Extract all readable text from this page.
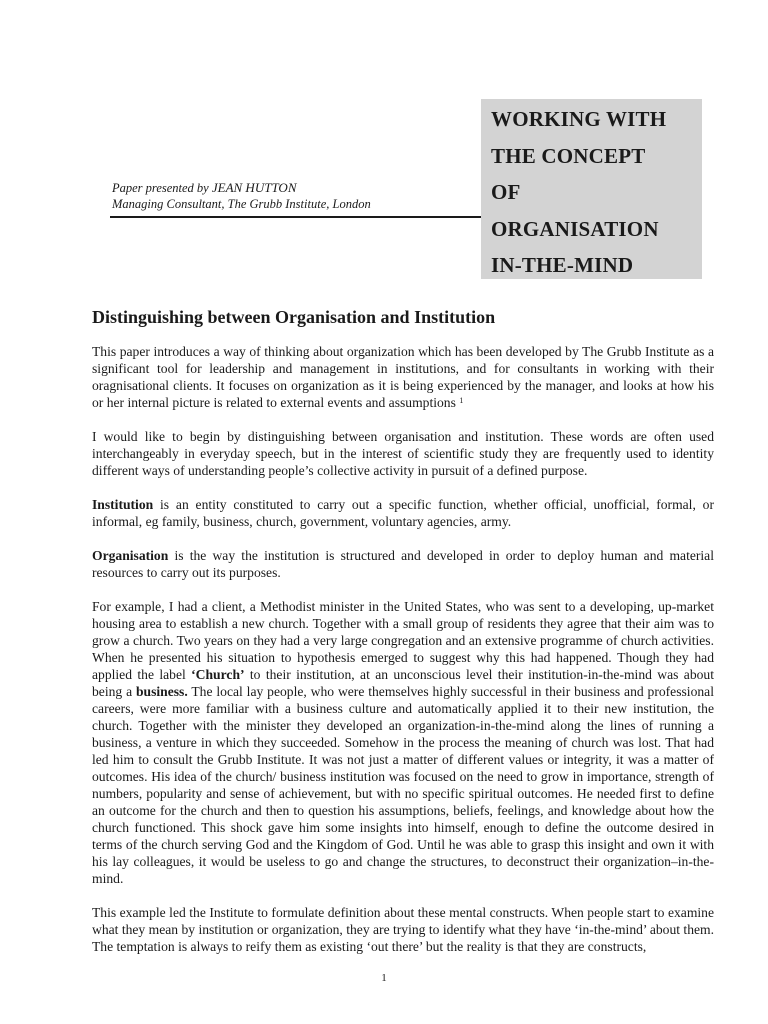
WORKING WITH
THE CONCEPT
OF
ORGANISATION
IN-THE-MIND
Paper presented by JEAN HUTTON
Managing Consultant, The Grubb Institute, London
Distinguishing between Organisation and Institution

This paper introduces a way of thinking about organization which has been developed by The Grubb Institute as a significant tool for leadership and management in institutions, and for consultants in working with their oragnisational clients. It focuses on organization as it is being experienced by the manager, and looks at how his or her internal picture is related to external events and assumptions $^1$

I would like to begin by distinguishing between organisation and institution. These words are often used interchangeably in everyday speech, but in the interest of scientific study they are frequently used to identity different ways of understanding people’s collective activity in pursuit of a defined purpose.

Institution is an entity constituted to carry out a specific function, whether official, unofficial, formal, or informal, eg family, business, church, government, voluntary agencies, army.

Organisation is the way the institution is structured and developed in order to deploy human and material resources to carry out its purposes.

For example, I had a client, a Methodist minister in the United States, who was sent to a developing, up-market housing area to establish a new church. Together with a small group of residents they agree that their aim was to grow a church. Two years on they had a very large congregation and an extensive programme of church activities. When he presented his situation to hypothesis emerged to suggest why this had happened. Though they had applied the label ‘Church’ to their institution, at an unconscious level their institution-in-the-mind was about being a business. The local lay people, who were themselves highly successful in their business and professional careers, were more familiar with a business culture and automatically applied it to their new institution, the church. Together with the minister they developed an organization-in-the-mind along the lines of running a business, a venture in which they succeeded. Somehow in the process the meaning of church was lost. That had led him to consult the Grubb Institute. It was not just a matter of different values or integrity, it was a matter of outcomes. His idea of the church/ business institution was focused on the need to grow in importance, strength of numbers, popularity and sense of achievement, but with no specific spiritual outcomes. He needed first to define an outcome for the church and then to question his assumptions, beliefs, feelings, and knowledge about how the church functioned. This shock gave him some insights into himself, enough to define the outcome desired in terms of the church serving God and the Kingdom of God. Until he was able to grasp this insight and own it with his lay colleagues, it would be useless to go and change the structures, to deconstruct their organization–in-the-mind.

This example led the Institute to formulate definition about these mental constructs. When people start to examine what they mean by institution or organization, they are trying to identify what they have ‘in-the-mind’ about them. The temptation is always to reify them as existing ‘out there’ but the reality is that they are constructs,

1
